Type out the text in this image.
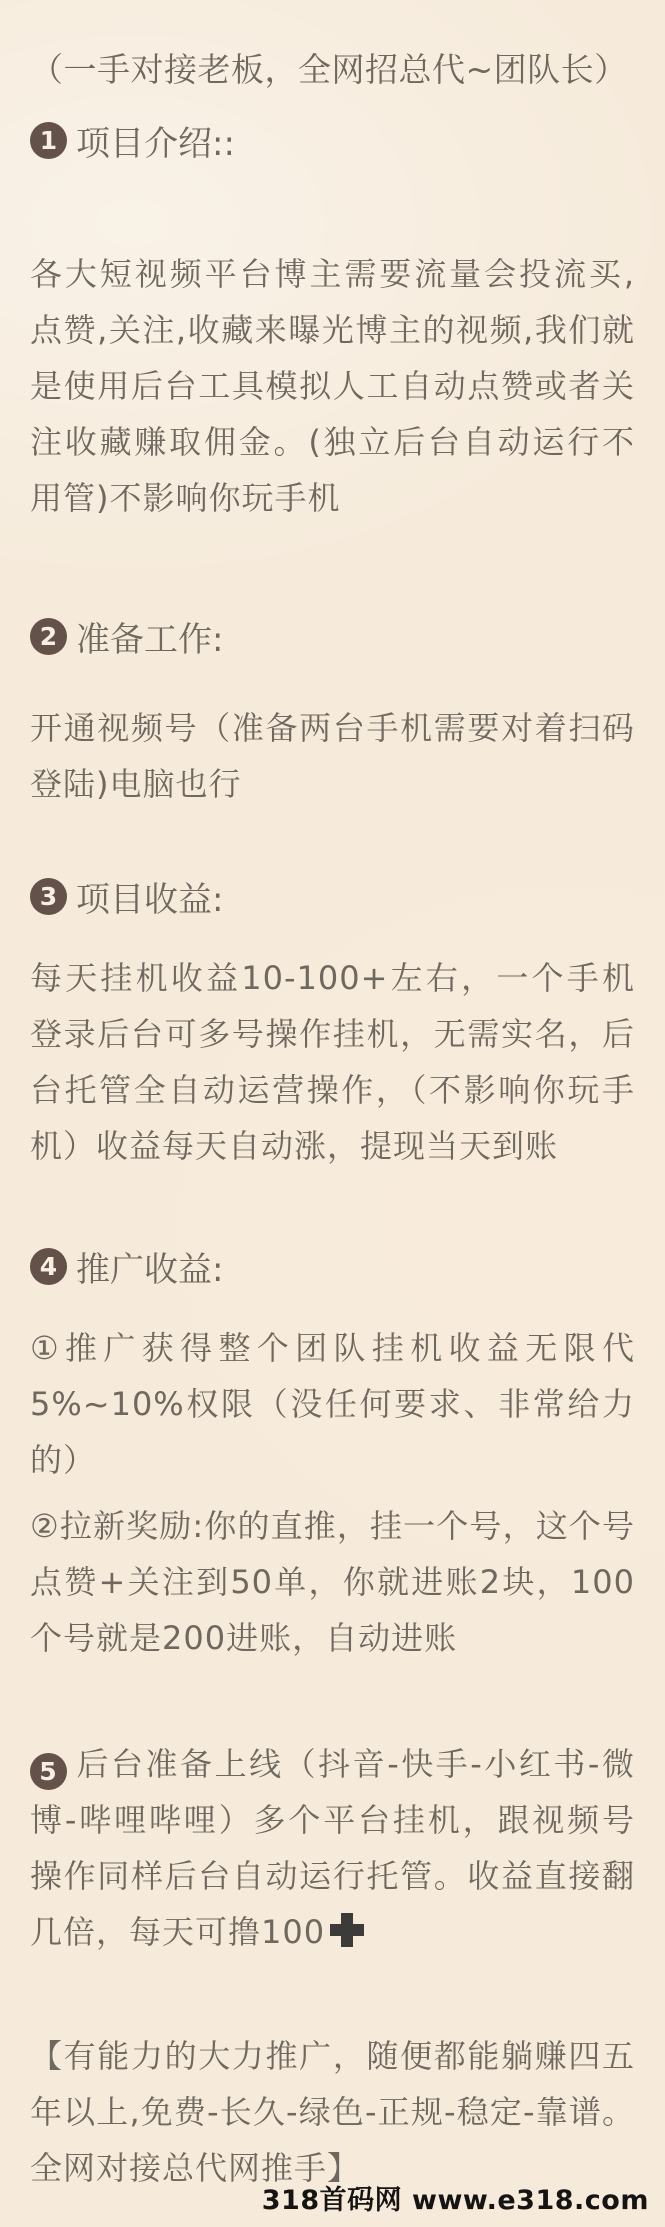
（一手对接老板，全网招总代~团队长）
1 项目介绍::
各大短视频平台博主需要流量会投流买,点赞,关注,收藏来曝光博主的视频,我们就是使用后台工具模拟人工自动点赞或者关注收藏赚取佣金。(独立后台自动运行不用管)不影响你玩手机
2 准备工作:
开通视频号（准备两台手机需要对着扫码登陆)电脑也行
3 项目收益:
每天挂机收益10-100+左右，一个手机登录后台可多号操作挂机，无需实名，后台托管全自动运营操作，（不影响你玩手机）收益每天自动涨，提现当天到账
4 推广收益:
①推广获得整个团队挂机收益无限代5%~10%权限（没任何要求、非常给力的）
②拉新奖励:你的直推，挂一个号，这个号点赞+关注到50单，你就进账2块，100个号就是200进账，自动进账
5 后台准备上线（抖音-快手-小红书-微博-哔哩哔哩）多个平台挂机，跟视频号操作同样后台自动运行托管。收益直接翻几倍，每天可撸100
【有能力的大力推广，随便都能躺赚四五年以上,免费-长久-绿色-正规-稳定-靠谱。全网对接总代网推手】
318首码网 www.e318.com
